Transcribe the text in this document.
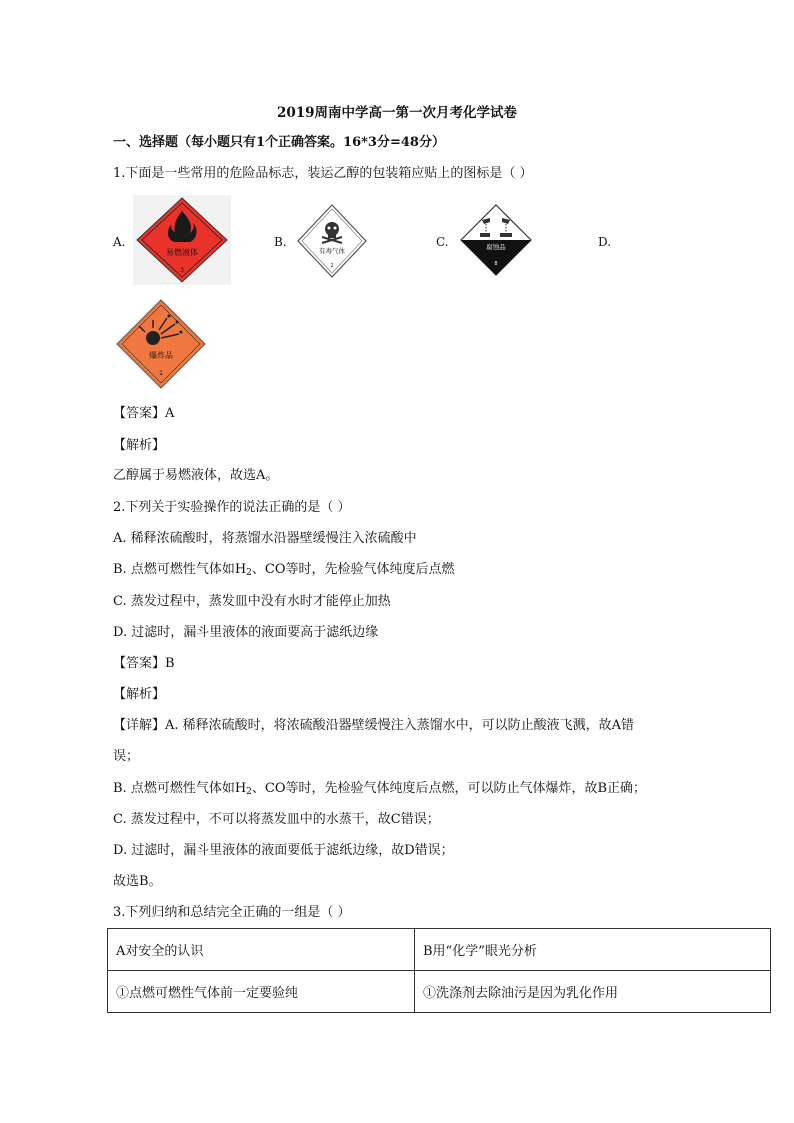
2019周南中学高一第一次月考化学试卷
一、选择题（每小题只有1个正确答案。16*3分=48分）
1.下面是一些常用的危险品标志，装运乙醇的包装箱应贴上的图标是（ ）
A.
易燃液体
3
B.
有毒气体
2
C.	腐蚀品
8
D.
爆炸品
1
【答案】A
【解析】
乙醇属于易燃液体，故选A。
2.下列关于实验操作的说法正确的是（ ）
A. 稀释浓硫酸时，将蒸馏水沿器壁缓慢注入浓硫酸中
B. 点燃可燃性气体如$H_2$、CO等时，先检验气体纯度后点燃
C. 蒸发过程中，蒸发皿中没有水时才能停止加热
D. 过滤时，漏斗里液体的液面要高于滤纸边缘
【答案】B
【解析】
【详解】A. 稀释浓硫酸时，将浓硫酸沿器壁缓慢注入蒸馏水中，可以防止酸液飞溅，故A错
误；
B. 点燃可燃性气体如$H_2$、CO等时，先检验气体纯度后点燃，可以防止气体爆炸，故B正确；
C. 蒸发过程中，不可以将蒸发皿中的水蒸干，故C错误；
D. 过滤时，漏斗里液体的液面要低于滤纸边缘，故D错误；
故选B。
3.下列归纳和总结完全正确的一组是（ ）
A对安全的认识	B用“化学”眼光分析
①点燃可燃性气体前一定要验纯	①洗涤剂去除油污是因为乳化作用
